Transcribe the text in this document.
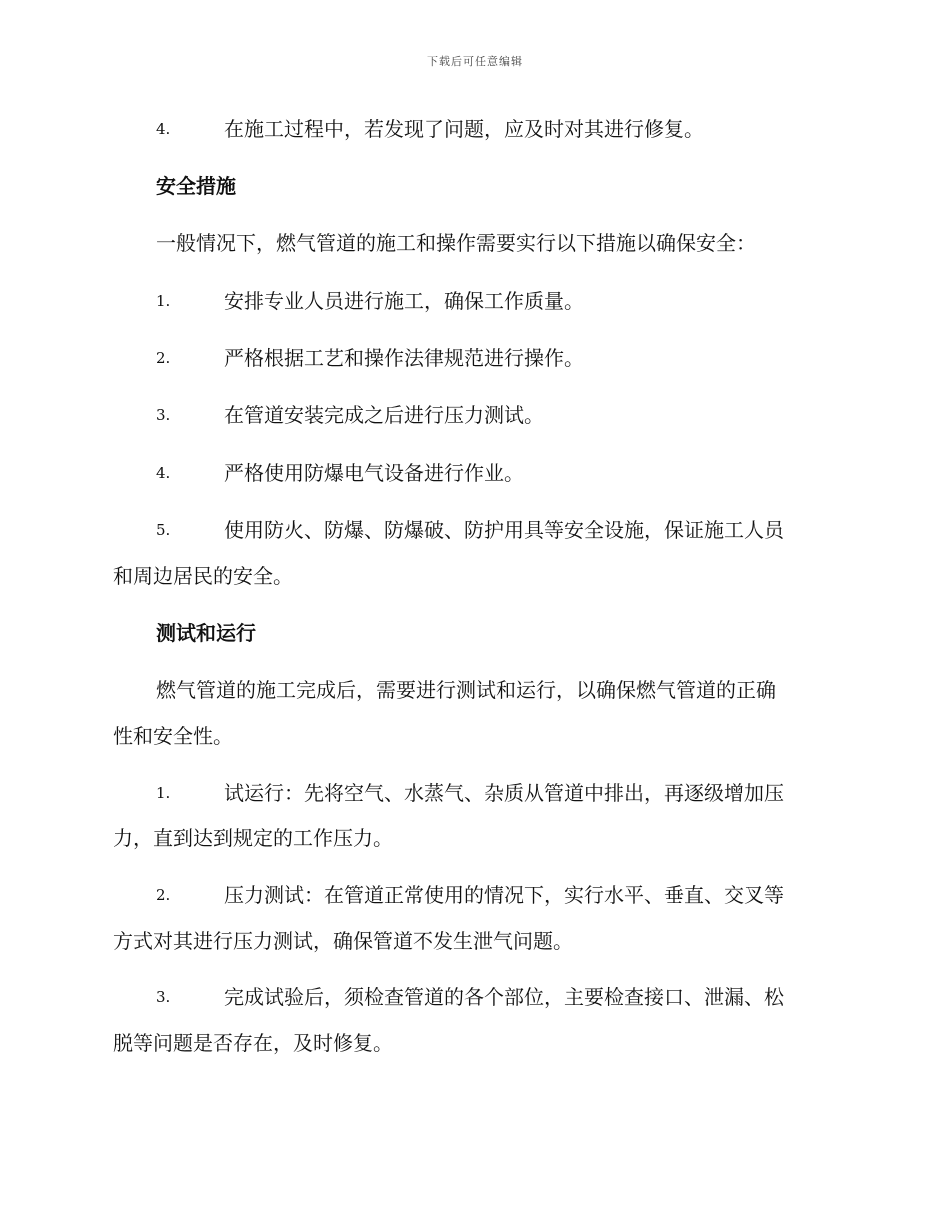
下载后可任意编辑
4.	在施工过程中，若发现了问题，应及时对其进行修复。
安全措施
一般情况下，燃气管道的施工和操作需要实行以下措施以确保安全：
1.	安排专业人员进行施工，确保工作质量。
2.	严格根据工艺和操作法律规范进行操作。
3.	在管道安装完成之后进行压力测试。
4.	严格使用防爆电气设备进行作业。
5.	使用防火、防爆、防爆破、防护用具等安全设施，保证施工人员
和周边居民的安全。
测试和运行
燃气管道的施工完成后，需要进行测试和运行，以确保燃气管道的正确
性和安全性。
1.	试运行：先将空气、水蒸气、杂质从管道中排出，再逐级增加压
力，直到达到规定的工作压力。
2.	压力测试：在管道正常使用的情况下，实行水平、垂直、交叉等
方式对其进行压力测试，确保管道不发生泄气问题。
3.	完成试验后，须检查管道的各个部位，主要检查接口、泄漏、松
脱等问题是否存在，及时修复。
